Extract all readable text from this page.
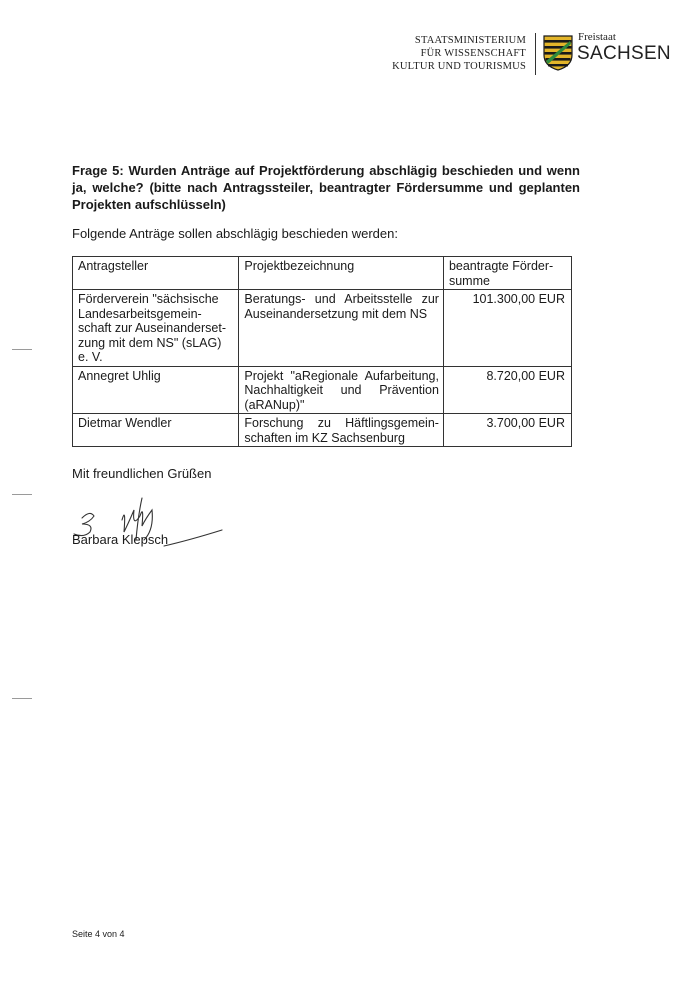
STAATSMINISTERIUM
FÜR WISSENSCHAFT
KULTUR UND TOURISMUS
Freistaat
SACHSEN
Frage 5: Wurden Anträge auf Projektförderung abschlägig beschieden und wenn ja, welche? (bitte nach Antragssteiler, beantragter Fördersumme und geplanten Projekten aufschlüsseln)
Folgende Anträge sollen abschlägig beschieden werden:
Antragsteller	Projektbezeichnung	beantragte Förder-summe
Förderverein "sächsische Landesarbeitsgemein-schaft zur Auseinanderset-zung mit dem NS" (sLAG) e. V.	Beratungs- und Arbeitsstelle zur Auseinandersetzung mit dem NS	101.300,00 EUR
Annegret Uhlig	Projekt "aRegionale Aufarbeitung, Nachhaltigkeit und Prävention (aRANup)"	8.720,00 EUR
Dietmar Wendler	Forschung zu Häftlingsgemein-schaften im KZ Sachsenburg	3.700,00 EUR
Mit freundlichen Grüßen
Barbara Klepsch
Seite 4 von 4
